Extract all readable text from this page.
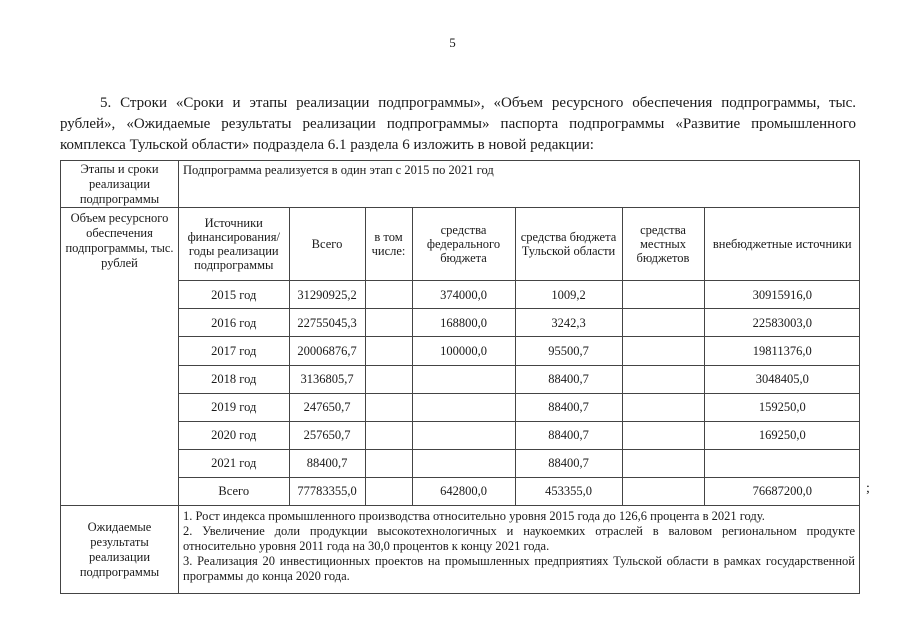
5
5. Строки «Сроки и этапы реализации подпрограммы», «Объем ресурсного обеспечения подпрограммы, тыс. рублей», «Ожидаемые результаты реализации подпрограммы» паспорта подпрограммы «Развитие промышленного комплекса Тульской области» подраздела 6.1 раздела 6 изложить в новой редакции:
Этапы и сроки реализации подпрограммы	Подпрограмма реализуется в один этап с 2015 по 2021 год
Объем ресурсного обеспечения подпрограммы, тыс. рублей	
Источники финансирования/ годы реализации подпрограммы	Всего	в том числе:	средства федерального бюджета	средства бюджета Тульской области	средства местных бюджетов	внебюджетные источники
2015 год	31290925,2		374000,0	1009,2		30915916,0
2016 год	22755045,3		168800,0	3242,3		22583003,0
2017 год	20006876,7		100000,0	95500,7		19811376,0
2018 год	3136805,7			88400,7		3048405,0
2019 год	247650,7			88400,7		159250,0
2020 год	257650,7			88400,7		169250,0
2021 год	88400,7			88400,7		
Всего	77783355,0		642800,0	453355,0		76687200,0

Ожидаемые результаты реализации подпрограммы	
1. Рост индекса промышленного производства относительно уровня 2015 года до 126,6 процента в 2021 году.
2. Увеличение доли продукции высокотехнологичных и наукоемких отраслей в валовом региональном продукте относительно уровня 2011 года на 30,0 процентов к концу 2021 года.
3. Реализация 20 инвестиционных проектов на промышленных предприятиях Тульской области в рамках государственной программы до конца 2020 года.
;
